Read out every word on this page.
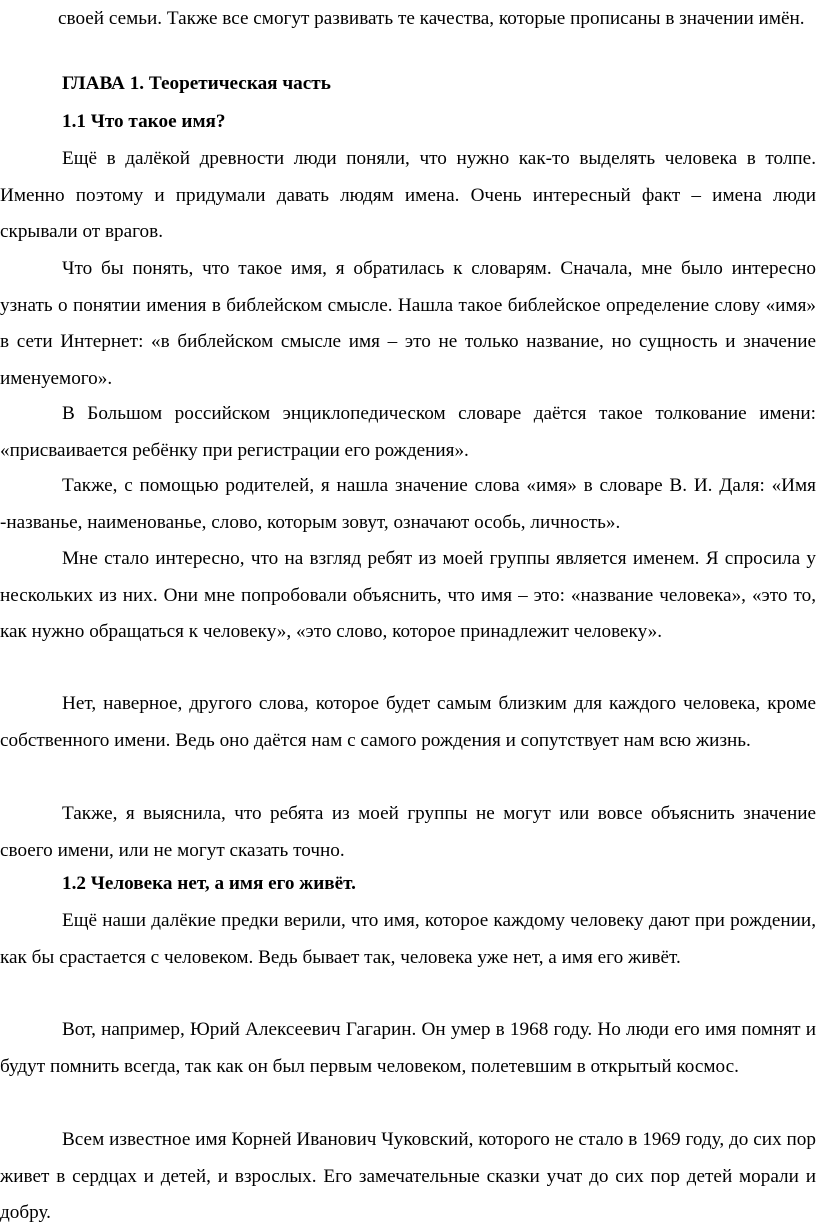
своей семьи. Также все смогут развивать те качества, которые прописаны в значении имён.

ГЛАВА 1. Теоретическая часть
1.1 Что такое имя?

Ещё в далёкой древности люди поняли, что нужно как-то выделять человека в толпе. Именно поэтому и придумали давать людям имена. Очень интересный факт – имена люди скрывали от врагов.

Что бы понять, что такое имя, я обратилась к словарям. Сначала, мне было интересно узнать о понятии имения в библейском смысле. Нашла такое библейское определение слову «имя» в сети Интернет: «в библейском смысле имя – это не только название, но сущность и значение именуемого».

В Большом российском энциклопедическом словаре даётся такое толкование имени: «присваивается ребёнку при регистрации его рождения».

Также, с помощью родителей, я нашла значение слова «имя» в словаре В. И. Даля: «Имя -названье, наименованье, слово, которым зовут, означают особь, личность».

Мне стало интересно, что на взгляд ребят из моей группы является именем. Я спросила у нескольких из них. Они мне попробовали объяснить, что имя – это: «название человека», «это то, как нужно обращаться к человеку», «это слово, которое принадлежит человеку».

Нет, наверное, другого слова, которое будет самым близким для каждого человека, кроме собственного имени. Ведь оно даётся нам с самого рождения и сопутствует нам всю жизнь.

Также, я выяснила, что ребята из моей группы не могут или вовсе объяснить значение своего имени, или не могут сказать точно.

1.2 Человека нет, а имя его живёт.

Ещё наши далёкие предки верили, что имя, которое каждому человеку дают при рождении, как бы срастается с человеком. Ведь бывает так, человека уже нет, а имя его живёт.

Вот, например, Юрий Алексеевич Гагарин. Он умер в 1968 году. Но люди его имя помнят и будут помнить всегда, так как он был первым человеком, полетевшим в открытый космос.

Всем известное имя Корней Иванович Чуковский, которого не стало в 1969 году, до сих пор живет в сердцах и детей, и взрослых. Его замечательные сказки учат до сих пор детей морали и добру.
